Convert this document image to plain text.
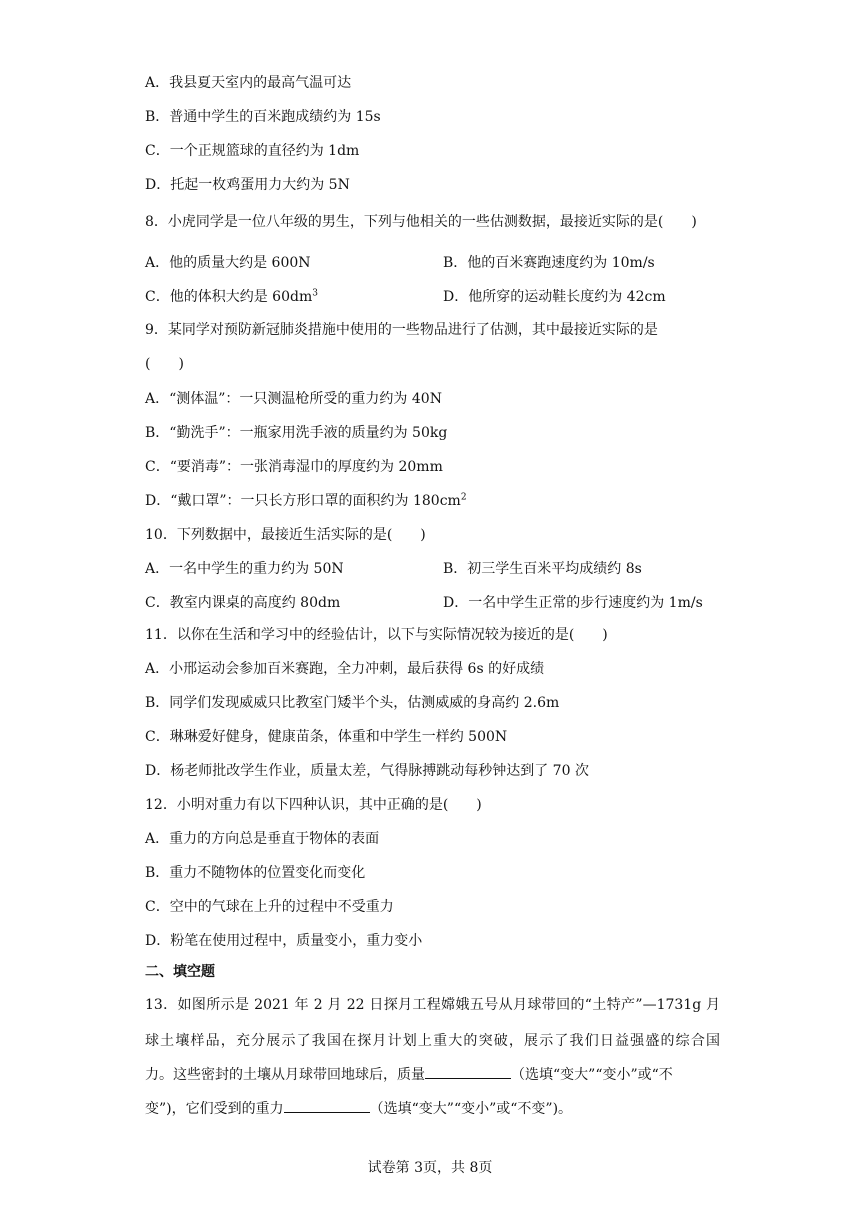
A．我县夏天室内的最高气温可达
B．普通中学生的百米跑成绩约为 15s
C．一个正规篮球的直径约为 1dm
D．托起一枚鸡蛋用力大约为 5N
8．小虎同学是一位八年级的男生，下列与他相关的一些估测数据，最接近实际的是(　　)
A．他的质量大约是 600N	B．他的百米赛跑速度约为 10m/s
C．他的体积大约是 $60dm^3$	D．他所穿的运动鞋长度约为 42cm
9．某同学对预防新冠肺炎措施中使用的一些物品进行了估测，其中最接近实际的是
(　　)
A．“测体温”：一只测温枪所受的重力约为 40N
B．“勤洗手”：一瓶家用洗手液的质量约为 50kg
C．“要消毒”：一张消毒湿巾的厚度约为 20mm
D．“戴口罩”：一只长方形口罩的面积约为 $180cm^2$
10．下列数据中，最接近生活实际的是(　　)
A．一名中学生的重力约为 50N	B．初三学生百米平均成绩约 8s
C．教室内课桌的高度约 80dm	D．一名中学生正常的步行速度约为 1m/s
11．以你在生活和学习中的经验估计，以下与实际情况较为接近的是(　　)
A．小邢运动会参加百米赛跑，全力冲刺，最后获得 6s 的好成绩
B．同学们发现威威只比教室门矮半个头，估测威威的身高约 2.6m
C．琳琳爱好健身，健康苗条，体重和中学生一样约 500N
D．杨老师批改学生作业，质量太差，气得脉搏跳动每秒钟达到了 70 次
12．小明对重力有以下四种认识，其中正确的是(　　)
A．重力的方向总是垂直于物体的表面
B．重力不随物体的位置变化而变化
C．空中的气球在上升的过程中不受重力
D．粉笔在使用过程中，质量变小，重力变小
二、填空题
13．如图所示是 2021 年 2 月 22 日探月工程嫦娥五号从月球带回的“土特产”—1731g 月
球土壤样品，充分展示了我国在探月计划上重大的突破，展示了我们日益强盛的综合国
力。这些密封的土壤从月球带回地球后，质量	（选填“变大”“变小”或“不
变”)，它们受到的重力	（选填“变大”“变小”或“不变”)。
试卷第 3页，共 8页
